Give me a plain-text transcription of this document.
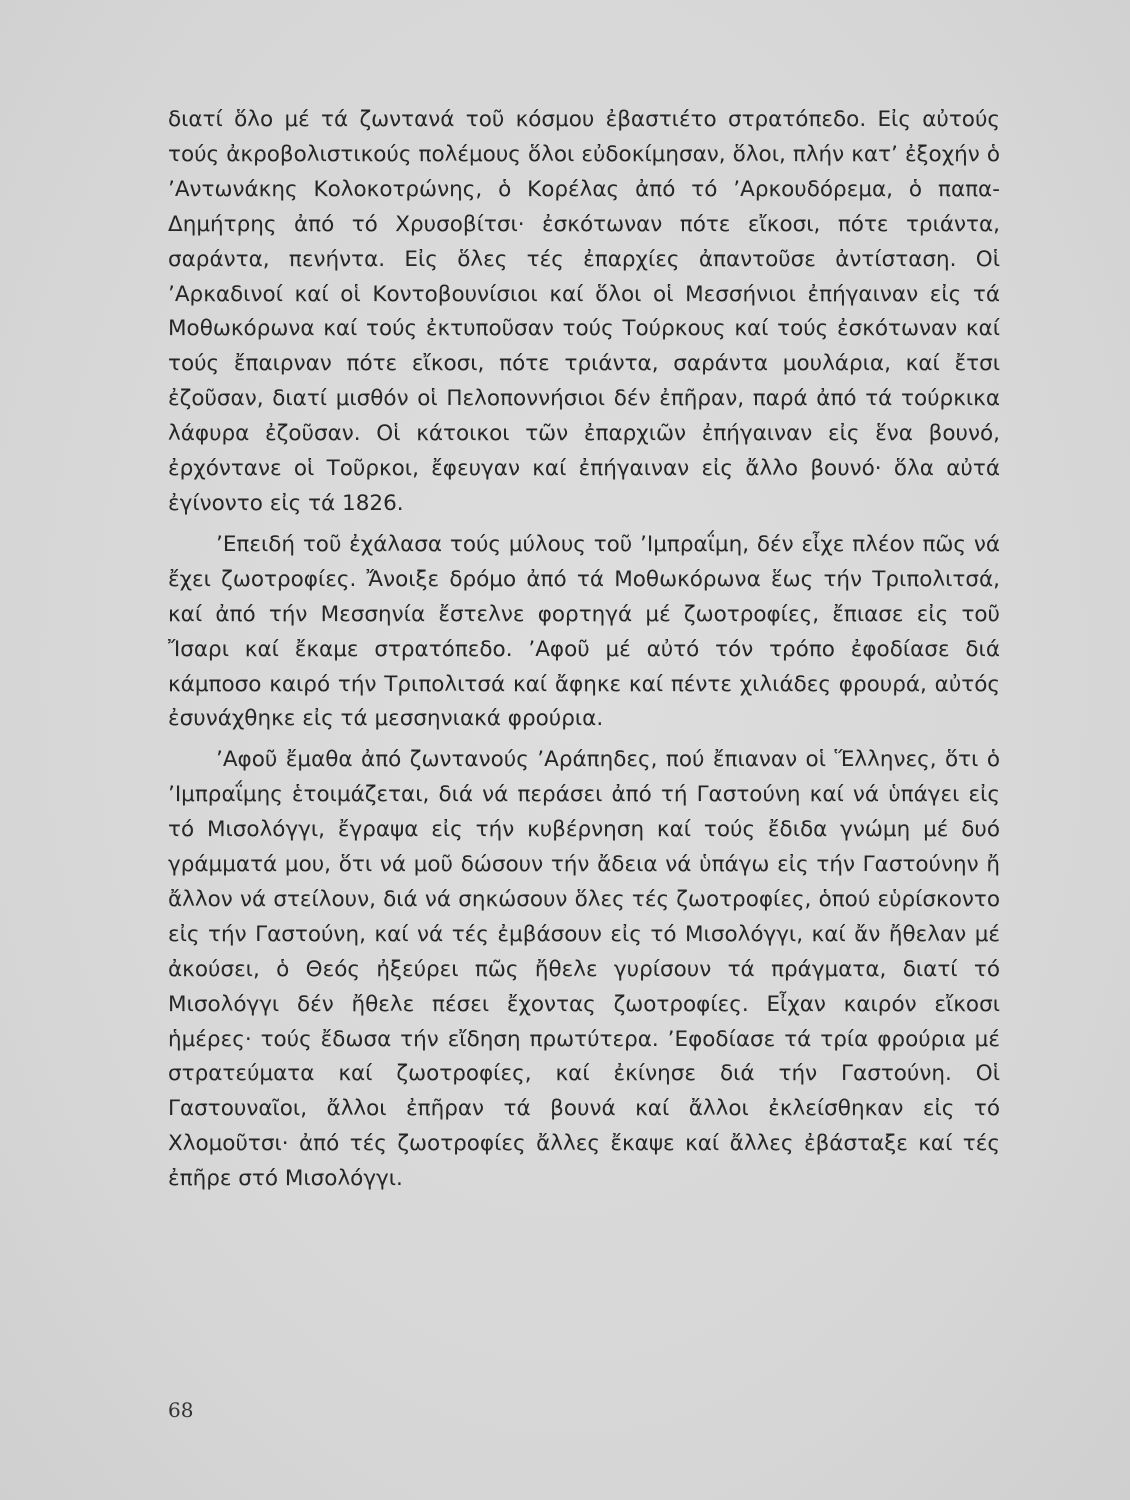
διατί ὅλο μέ τά ζωντανά τοῦ κόσμου ἐβαστιέτο στρατόπεδο. Εἰς αὐτούς τούς ἀκροβολιστικούς πολέμους ὅλοι εὐδοκίμησαν, ὅλοι, πλήν κατ’ ἐξοχήν ὁ ’Αντωνάκης Κολοκοτρώνης, ὁ Κορέλας ἀπό τό ’Αρκουδόρεμα, ὁ παπα-Δημήτρης ἀπό τό Χρυσοβίτσι· ἐσκότωναν πότε εἴκοσι, πότε τριάντα, σαράντα, πενήντα. Εἰς ὅλες τές ἐπαρχίες ἀπαντοῦσε ἀντίσταση. Οἱ ’Αρκαδινοί καί οἱ Κοντοβουνίσιοι καί ὅλοι οἱ Μεσσήνιοι ἐπήγαιναν εἰς τά Μοθωκόρωνα καί τούς ἐκτυποῦσαν τούς Τούρκους καί τούς ἐσκότωναν καί τούς ἔπαιρναν πότε εἴκοσι, πότε τριάντα, σαράντα μουλάρια, καί ἔτσι ἐζοῦσαν, διατί μισθόν οἱ Πελοποννήσιοι δέν ἐπῆραν, παρά ἀπό τά τούρκικα λάφυρα ἐζοῦσαν. Οἱ κάτοικοι τῶν ἐπαρχιῶν ἐπήγαιναν εἰς ἕνα βουνό, ἐρχόντανε οἱ Τοῦρκοι, ἔφευγαν καί ἐπήγαιναν εἰς ἄλλο βουνό· ὅλα αὐτά ἐγίνοντο εἰς τά 1826.

’Επειδή τοῦ ἐχάλασα τούς μύλους τοῦ ’Ιμπραΐμη, δέν εἶχε πλέον πῶς νά ἔχει ζωοτροφίες. Ἄνοιξε δρόμο ἀπό τά Μοθωκόρωνα ἕως τήν Τριπολιτσά, καί ἀπό τήν Μεσσηνία ἔστελνε φορτηγά μέ ζωοτροφίες, ἔπιασε εἰς τοῦ Ἴσαρι καί ἔκαμε στρατόπεδο. ’Αφοῦ μέ αὐτό τόν τρόπο ἐφοδίασε διά κάμποσο καιρό τήν Τριπολιτσά καί ἄφηκε καί πέντε χιλιάδες φρουρά, αὐτός ἐσυνάχθηκε εἰς τά μεσσηνιακά φρούρια.

’Αφοῦ ἔμαθα ἀπό ζωντανούς ’Αράπηδες, πού ἔπιαναν οἱ Ἕλληνες, ὅτι ὁ ’Ιμπραΐμης ἑτοιμάζεται, διά νά περάσει ἀπό τή Γαστούνη καί νά ὑπάγει εἰς τό Μισολόγγι, ἔγραψα εἰς τήν κυβέρνηση καί τούς ἔδιδα γνώμη μέ δυό γράμματά μου, ὅτι νά μοῦ δώσουν τήν ἄδεια νά ὑπάγω εἰς τήν Γαστούνην ἤ ἄλλον νά στείλουν, διά νά σηκώσουν ὅλες τές ζωοτροφίες, ὁπού εὑρίσκοντο εἰς τήν Γαστούνη, καί νά τές ἐμβάσουν εἰς τό Μισολόγγι, καί ἄν ἤθελαν μέ ἀκούσει, ὁ Θεός ἠξεύρει πῶς ἤθελε γυρίσουν τά πράγματα, διατί τό Μισολόγγι δέν ἤθελε πέσει ἔχοντας ζωοτροφίες. Εἶχαν καιρόν εἴκοσι ἡμέρες· τούς ἔδωσα τήν εἴδηση πρωτύτερα. ’Εφοδίασε τά τρία φρούρια μέ στρατεύματα καί ζωοτροφίες, καί ἐκίνησε διά τήν Γαστούνη. Οἱ Γαστουναῖοι, ἄλλοι ἐπῆραν τά βουνά καί ἄλλοι ἐκλείσθηκαν εἰς τό Χλομοῦτσι· ἀπό τές ζωοτροφίες ἄλλες ἔκαψε καί ἄλλες ἐβάσταξε καί τές ἐπῆρε στό Μισολόγγι.

68
